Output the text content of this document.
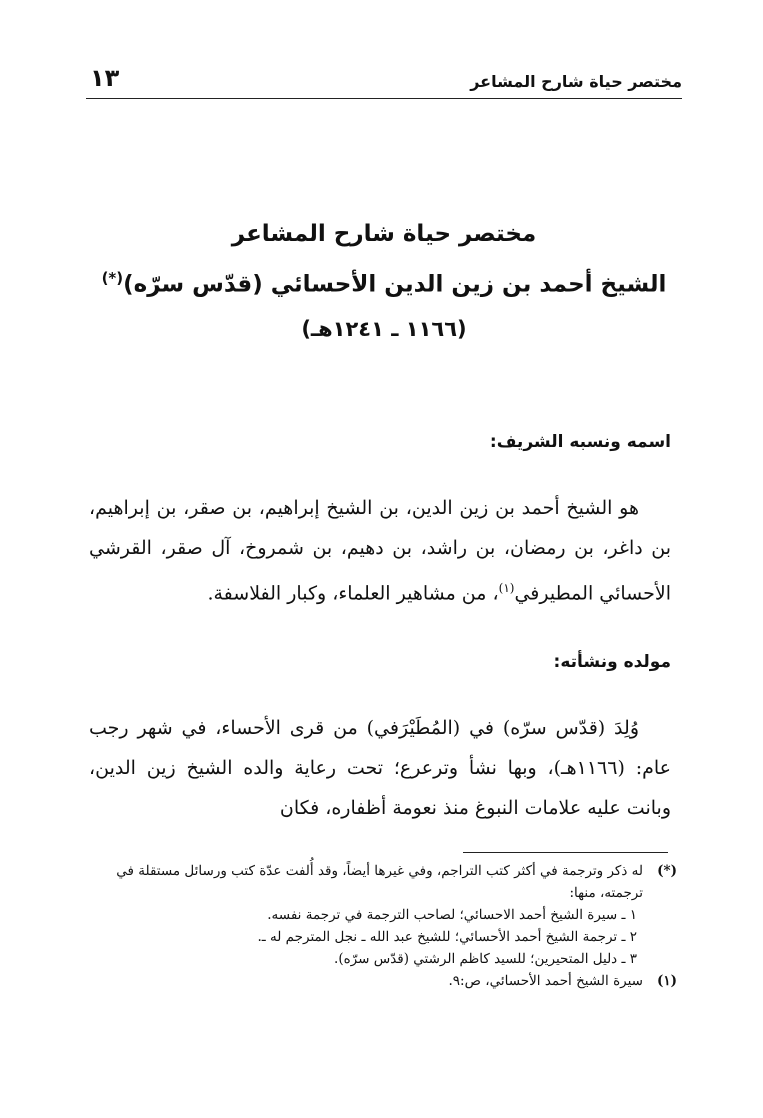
مختصر حياة شارح المشاعر
١٣
مختصر حياة شارح المشاعر
الشيخ أحمد بن زين الدين الأحسائي (قدّس سرّه)(*)
(١١٦٦ ـ ١٢٤١هـ)
اسمه ونسبه الشريف:

هو الشيخ أحمد بن زين الدين، بن الشيخ إبراهيم، بن صقر، بن إبراهيم، بن داغر، بن رمضان، بن راشد، بن دهيم، بن شمروخ، آل صقر، القرشي الأحسائي المطيرفي$^{(١)}$، من مشاهير العلماء، وكبار الفلاسفة.

مولده ونشأته:

وُلِدَ (قدّس سرّه) في (المُطَيْرَفي) من قرى الأحساء، في شهر رجب عام: (١١٦٦هـ)، وبها نشأ وترعرع؛ تحت رعاية والده الشيخ زين الدين، وبانت عليه علامات النبوغ منذ نعومة أظفاره، فكان

(*)
له ذكر وترجمة في أكثر كتب التراجم، وفي غيرها أيضاً، وقد أُلفت عدّة كتب ورسائل مستقلة في ترجمته، منها:
١ ـ سيرة الشيخ أحمد الاحسائي؛ لصاحب الترجمة في ترجمة نفسه.
٢ ـ ترجمة الشيخ أحمد الأحسائي؛ للشيخ عبد الله ـ نجل المترجم له ـ.
٣ ـ دليل المتحيرين؛ للسيد كاظم الرشتي (قدّس سرّه).
(١)
سيرة الشيخ أحمد الأحسائي، ص:٩.
